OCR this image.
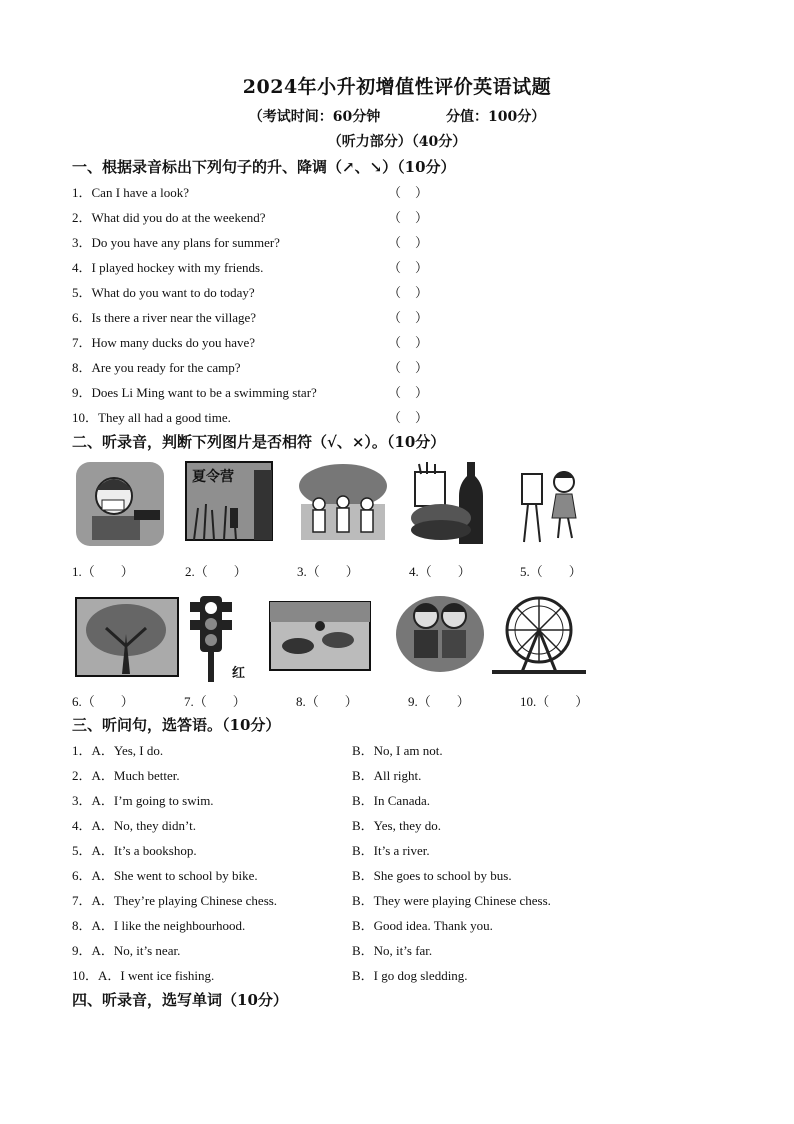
2024年小升初增值性评价英语试题
（考试时间：60分钟	分值：100分）
（听力部分）（40分）
一、根据录音标出下列句子的升、降调（↗、↘）（10分）
1．Can I have a look?	（ ）
2．What did you do at the weekend?	（ ）
3．Do you have any plans for summer?	（ ）
4．I played hockey with my friends.	（ ）
5．What do you want to do today?	（ ）
6．Is there a river near the village?	（ ）
7．How many ducks do you have?	（ ）
8．Are you ready for the camp?	（ ）
9．Does Li Ming want to be a swimming star?	（ ）
10．They all had a good time.	（ ）
二、听录音，判断下列图片是否相符（√、×）。（10分）
夏令营
1.（　　）	2.（　　）	3.（　　）	4.（　　）	5.（　　）
红
6.（　　）	7.（　　）	8.（　　）	9.（　　）	10.（　　）
三、听问句，选答语。（10分）
1．A．Yes, I do.	B．No, I am not.
2．A．Much better.	B．All right.
3．A．I’m going to swim.	B．In Canada.
4．A．No, they didn’t.	B．Yes, they do.
5．A．It’s a bookshop.	B．It’s a river.
6．A．She went to school by bike.	B．She goes to school by bus.
7．A．They’re playing Chinese chess.	B．They were playing Chinese chess.
8．A．I like the neighbourhood.	B．Good idea. Thank you.
9．A．No, it’s near.	B．No, it’s far.
10．A．I went ice fishing.	B．I go dog sledding.
四、听录音，选写单词（10分）
